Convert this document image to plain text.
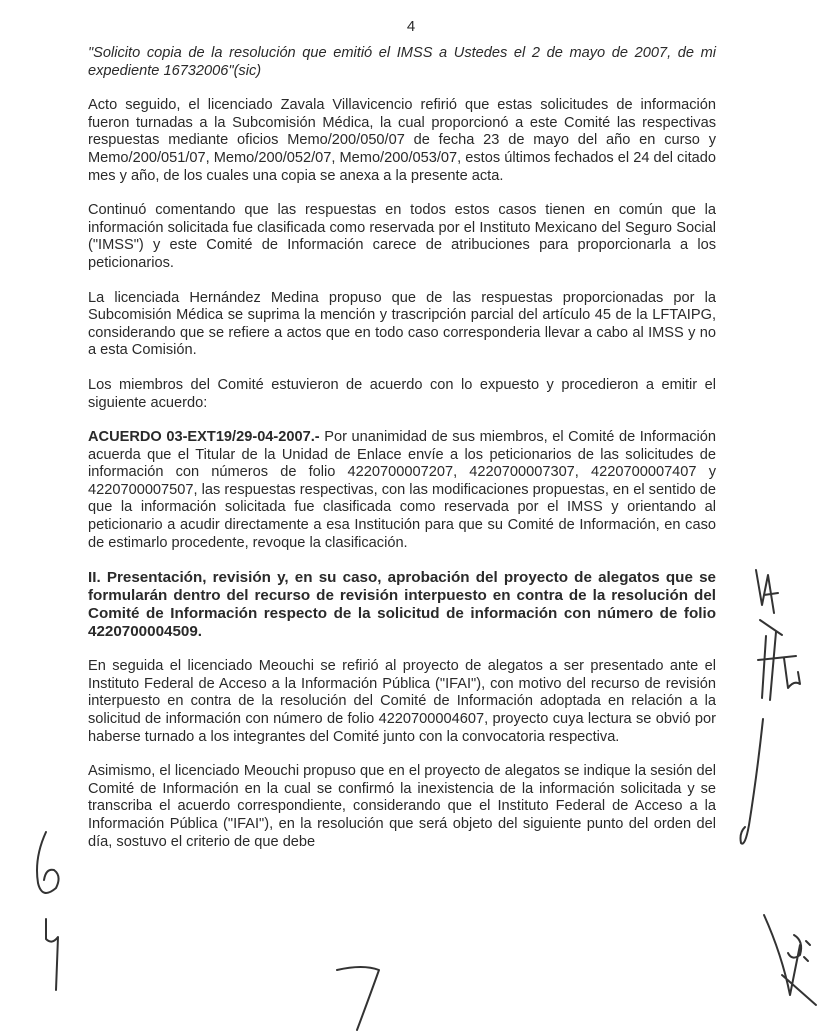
4

"Solicito copia de la resolución que emitió el IMSS a Ustedes el 2 de mayo de 2007, de mi expediente 16732006"(sic)

Acto seguido, el licenciado Zavala Villavicencio refirió que estas solicitudes de información fueron turnadas a la Subcomisión Médica, la cual proporcionó a este Comité las respectivas respuestas mediante oficios Memo/200/050/07 de fecha 23 de mayo del año en curso y Memo/200/051/07, Memo/200/052/07, Memo/200/053/07, estos últimos fechados el 24 del citado mes y año, de los cuales una copia se anexa a la presente acta.

Continuó comentando que las respuestas en todos estos casos tienen en común que la información solicitada fue clasificada como reservada por el Instituto Mexicano del Seguro Social ("IMSS") y este Comité de Información carece de atribuciones para proporcionarla a los peticionarios.

La licenciada Hernández Medina propuso que de las respuestas proporcionadas por la Subcomisión Médica se suprima la mención y trascripción parcial del artículo 45 de la LFTAIPG, considerando que se refiere a actos que en todo caso corresponderia llevar a cabo al IMSS y no a esta Comisión.

Los miembros del Comité estuvieron de acuerdo con lo expuesto y procedieron a emitir el siguiente acuerdo:

ACUERDO 03-EXT19/29-04-2007.- Por unanimidad de sus miembros, el Comité de Información acuerda que el Titular de la Unidad de Enlace envíe a los peticionarios de las solicitudes de información con números de folio 4220700007207, 4220700007307, 4220700007407 y 4220700007507, las respuestas respectivas, con las modificaciones propuestas, en el sentido de que la información solicitada fue clasificada como reservada por el IMSS y orientando al peticionario a acudir directamente a esa Institución para que su Comité de Información, en caso de estimarlo procedente, revoque la clasificación.

II. Presentación, revisión y, en su caso, aprobación del proyecto de alegatos que se formularán dentro del recurso de revisión interpuesto en contra de la resolución del Comité de Información respecto de la solicitud de información con número de folio 4220700004509.

En seguida el licenciado Meouchi se refirió al proyecto de alegatos a ser presentado ante el Instituto Federal de Acceso a la Información Pública ("IFAI"), con motivo del recurso de revisión interpuesto en contra de la resolución del Comité de Información adoptada en relación a la solicitud de información con número de folio 4220700004607, proyecto cuya lectura se obvió por haberse turnado a los integrantes del Comité junto con la convocatoria respectiva.

Asimismo, el licenciado Meouchi propuso que en el proyecto de alegatos se indique la sesión del Comité de Información en la cual se confirmó la inexistencia de la información solicitada y se transcriba el acuerdo correspondiente, considerando que el Instituto Federal de Acceso a la Información Pública ("IFAI"), en la resolución que será objeto del siguiente punto del orden del día, sostuvo el criterio de que debe
